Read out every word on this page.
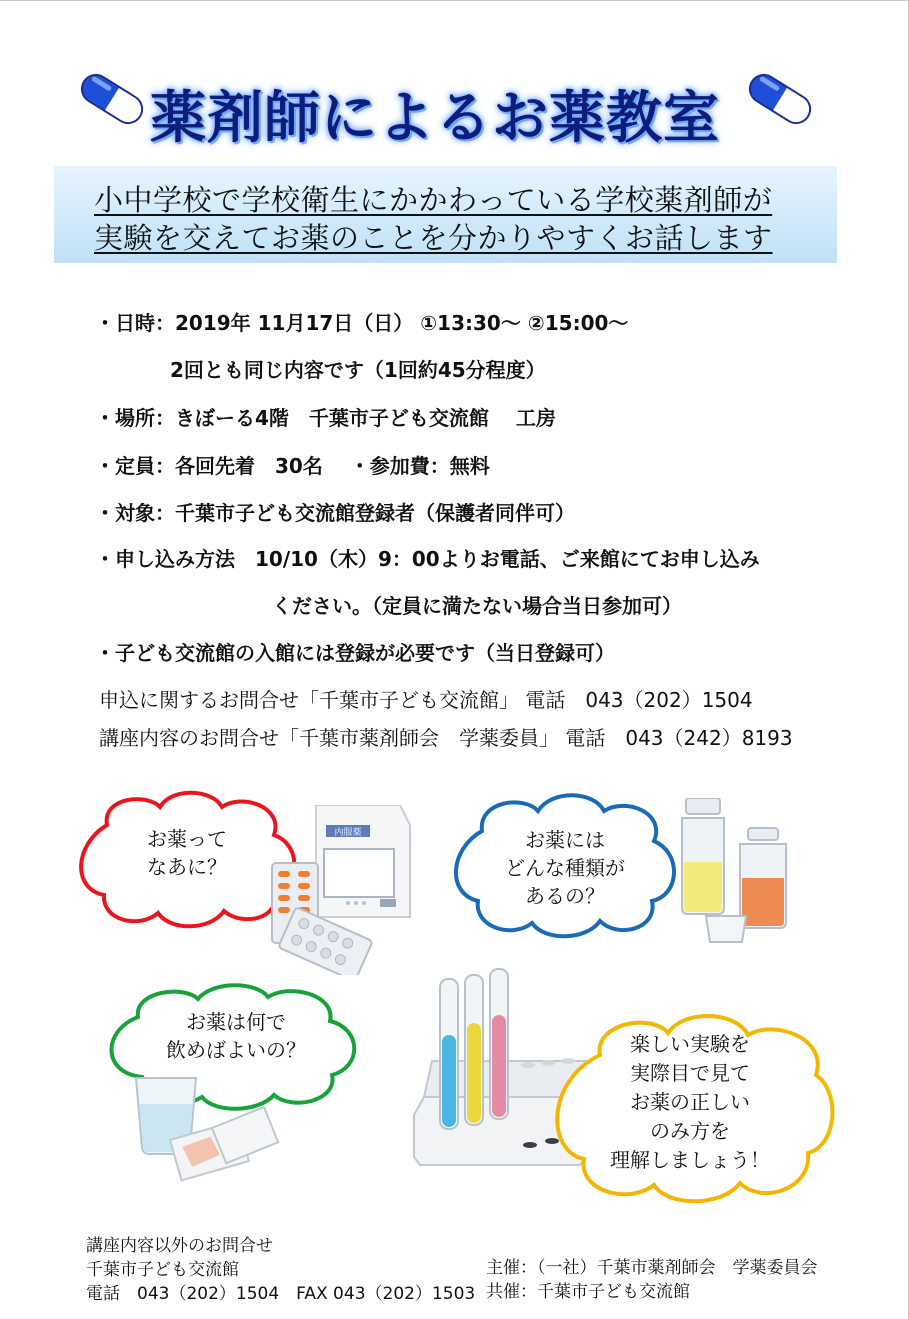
薬剤師によるお薬教室
小中学校で学校衛生にかかわっている学校薬剤師が
実験を交えてお薬のことを分かりやすくお話します
・日時：2019年 11月17日（日） ①13:30～ ②15:00～
2回とも同じ内容です（1回約45分程度）
・場所：きぼーる4階　千葉市子ども交流館　 工房
・定員：各回先着　30名　 ・参加費：無料
・対象：千葉市子ども交流館登録者（保護者同伴可）
・申し込み方法　10/10（木）9：00よりお電話、ご来館にてお申し込み
ください。（定員に満たない場合当日参加可）
・子ども交流館の入館には登録が必要です（当日登録可）
申込に関するお問合せ「千葉市子ども交流館」 電話　043（202）1504
講座内容のお問合せ「千葉市薬剤師会　学薬委員」 電話　043（242）8193
お薬って
なあに？
内服薬	お薬には
どんな種類が
あるの？
お薬は何で
飲めばよいの？	楽しい実験を
実際目で見て
お薬の正しい
のみ方を
理解しましょう！
講座内容以外のお問合せ
千葉市子ども交流館
電話　043（202）1504　FAX 043（202）1503
主催：（一社）千葉市薬剤師会　学薬委員会
共催：千葉市子ども交流館
